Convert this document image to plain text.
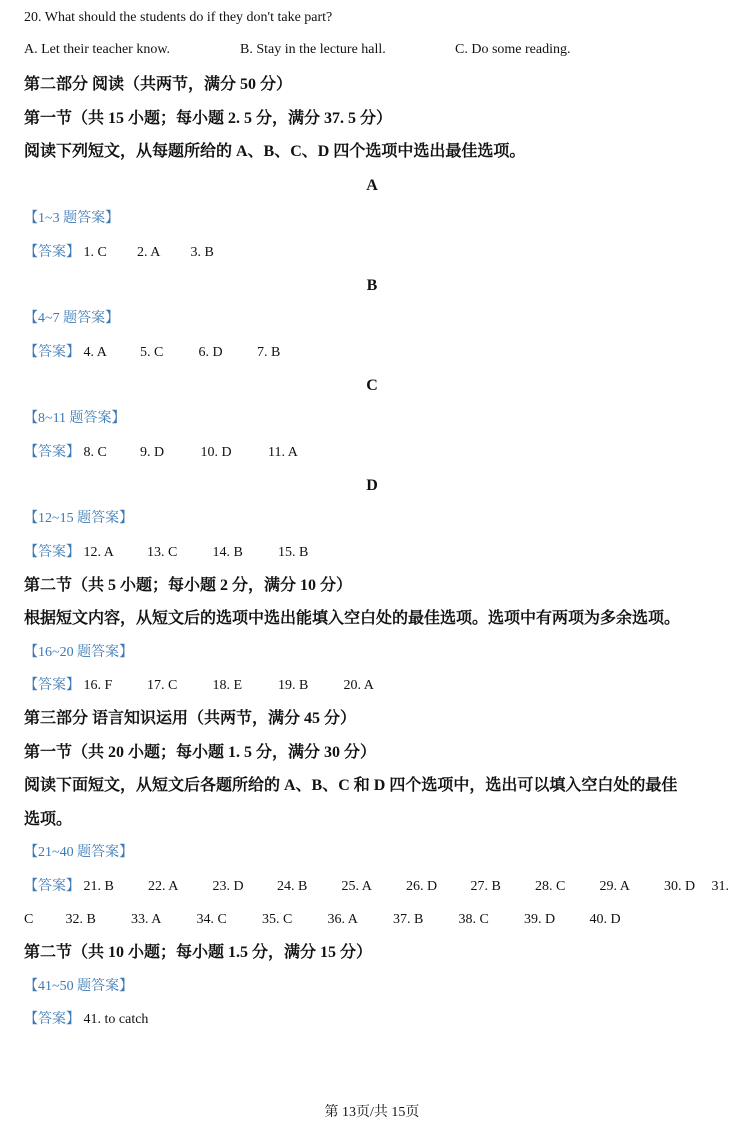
20. What should the students do if they don't take part?
A. Let their teacher know.	B. Stay in the lecture hall.	C. Do some reading.
第二部分 阅读（共两节，满分 50 分）
第一节（共 15 小题；每小题 2. 5 分，满分 37. 5 分）
阅读下列短文，从每题所给的 A、B、C、D 四个选项中选出最佳选项。
A
【1~3 题答案】
【答案】 1. C 2. A 3. B
B
【4~7 题答案】
【答案】 4. A 5. C	6. D 7. B
C
【8~11 题答案】
【答案】 8. C 9. D	10. D	11. A
D
【12~15 题答案】
【答案】 12. A 13. C	14. B	15. B
第二节（共 5 小题；每小题 2 分，满分 10 分）
根据短文内容，从短文后的选项中选出能填入空白处的最佳选项。选项中有两项为多余选项。
【16~20 题答案】
【答案】 16. F 17. C	18. E	19. B	20. A
第三部分 语言知识运用（共两节，满分 45 分）
第一节（共 20 小题；每小题 1. 5 分，满分 30 分）
阅读下面短文，从短文后各题所给的 A、B、C 和 D 四个选项中，选出可以填入空白处的最佳
选项。
【21~40 题答案】
【答案】 21. B 22. A 23. D 24. B 25. A 26. D 27. B 28. C 29. A 30. D 31.
C 32. B	33. A	34. C	35. C	36. A	37. B	38. C	39. D 40. D
第二节（共 10 小题；每小题 1.5 分，满分 15 分）
【41~50 题答案】
【答案】 41. to catch
第 13页/共 15页
